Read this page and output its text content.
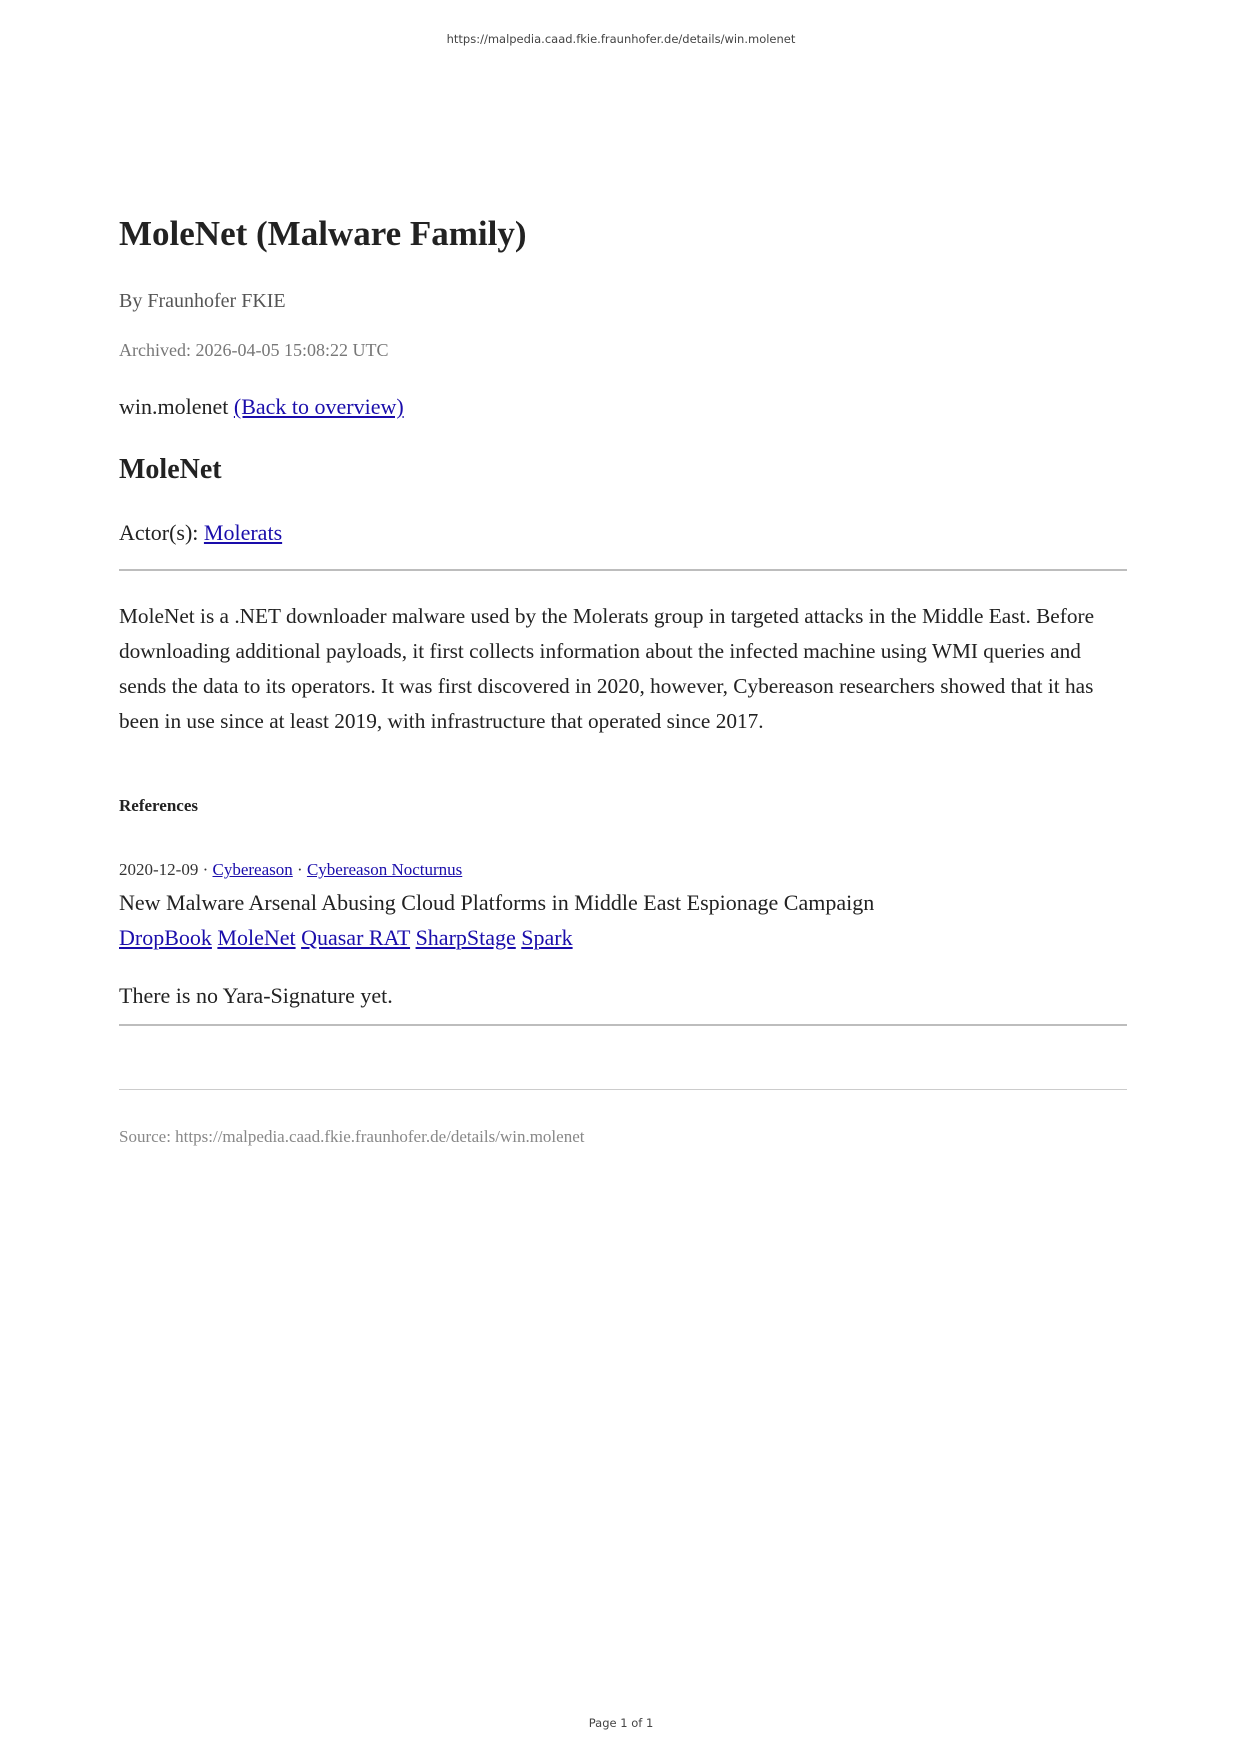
https://malpedia.caad.fkie.fraunhofer.de/details/win.molenet
MoleNet (Malware Family)
By Fraunhofer FKIE
Archived: 2026-04-05 15:08:22 UTC
win.molenet (Back to overview)
MoleNet
Actor(s): Molerats

MoleNet is a .NET downloader malware used by the Molerats group in targeted attacks in the Middle East. Before downloading additional payloads, it first collects information about the infected machine using WMI queries and sends the data to its operators. It was first discovered in 2020, however, Cybereason researchers showed that it has been in use since at least 2019, with infrastructure that operated since 2017.

References
2020-12-09 · Cybereason · Cybereason Nocturnus
New Malware Arsenal Abusing Cloud Platforms in Middle East Espionage Campaign
DropBook MoleNet Quasar RAT SharpStage Spark
There is no Yara-Signature yet.
Source: https://malpedia.caad.fkie.fraunhofer.de/details/win.molenet
Page 1 of 1
